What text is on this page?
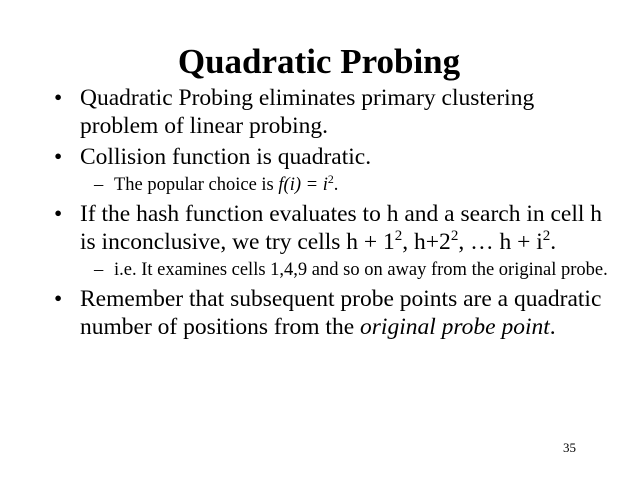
Quadratic Probing
• Quadratic Probing eliminates primary clustering problem of linear probing.
• Collision function is quadratic.
– The popular choice is $f(i) = i^2$.
• If the hash function evaluates to h and a search in cell h is inconclusive, we try cells $h + 1^2$, $h+2^2$, … $h + i^2$.
– i.e. It examines cells 1,4,9 and so on away from the original probe.
• Remember that subsequent probe points are a quadratic number of positions from the original probe point.
35
